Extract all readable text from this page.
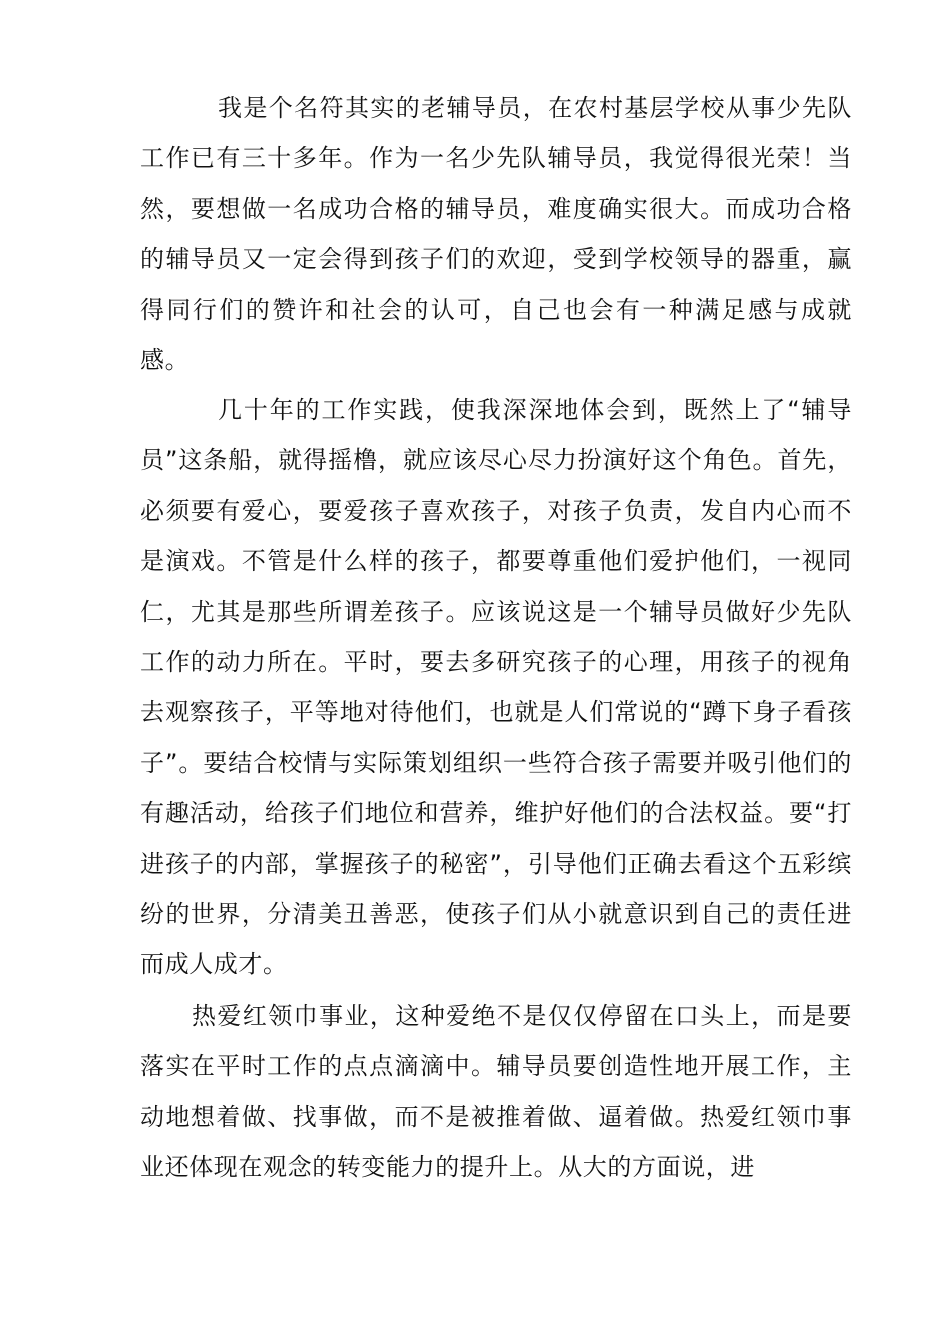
我是个名符其实的老辅导员，在农村基层学校从事少先队工作已有三十多年。作为一名少先队辅导员，我觉得很光荣！当然，要想做一名成功合格的辅导员，难度确实很大。而成功合格的辅导员又一定会得到孩子们的欢迎，受到学校领导的器重，赢得同行们的赞许和社会的认可，自己也会有一种满足感与成就感。

几十年的工作实践，使我深深地体会到，既然上了“辅导员”这条船，就得摇橹，就应该尽心尽力扮演好这个角色。首先，必须要有爱心，要爱孩子喜欢孩子，对孩子负责，发自内心而不是演戏。不管是什么样的孩子，都要尊重他们爱护他们，一视同仁，尤其是那些所谓差孩子。应该说这是一个辅导员做好少先队工作的动力所在。平时，要去多研究孩子的心理，用孩子的视角去观察孩子，平等地对待他们，也就是人们常说的“蹲下身子看孩子”。要结合校情与实际策划组织一些符合孩子需要并吸引他们的有趣活动，给孩子们地位和营养，维护好他们的合法权益。要“打进孩子的内部，掌握孩子的秘密”，引导他们正确去看这个五彩缤纷的世界，分清美丑善恶，使孩子们从小就意识到自己的责任进而成人成才。

热爱红领巾事业，这种爱绝不是仅仅停留在口头上，而是要落实在平时工作的点点滴滴中。辅导员要创造性地开展工作，主动地想着做、找事做，而不是被推着做、逼着做。热爱红领巾事业还体现在观念的转变能力的提升上。从大的方面说，进
